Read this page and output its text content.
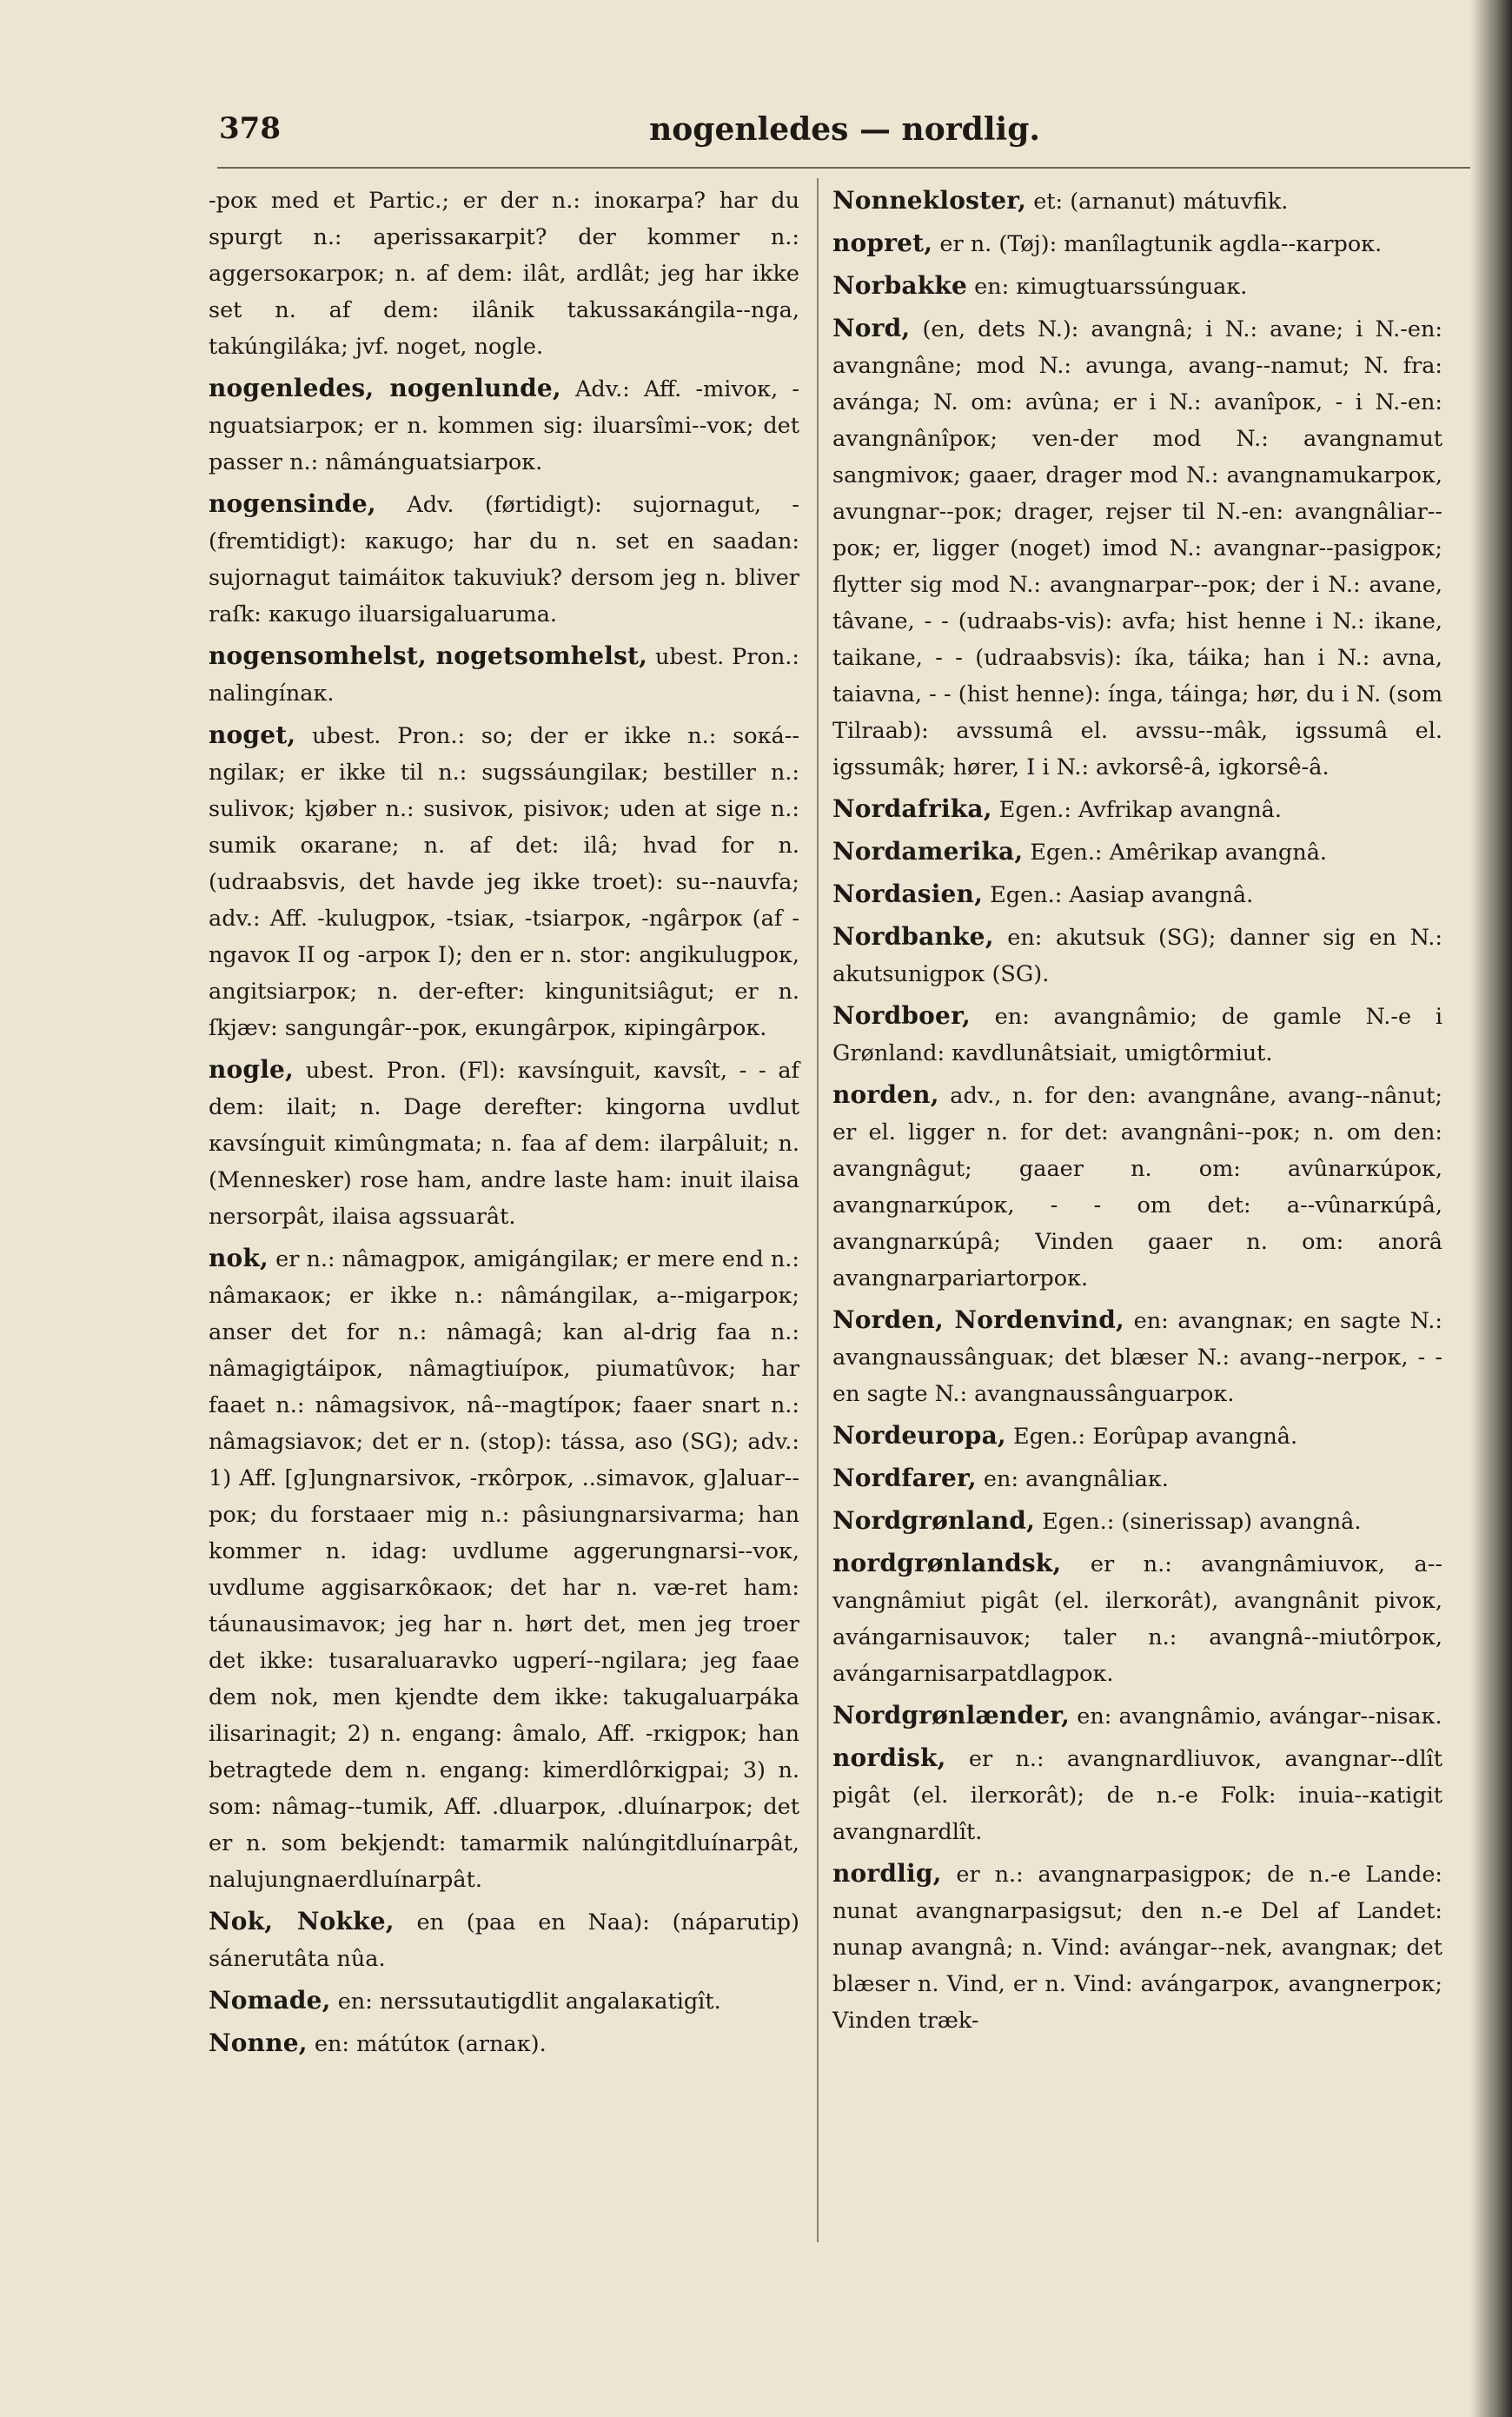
378	nogenledes — nordlig.

-poк med et Partic.; er der n.: inoкarpa? har du spurgt n.: aperissaкarpit? der kommer n.: aggersoкarpoк; n. af dem: ilât, ardlât; jeg har ikke set n. af dem: ilânik takussaкángila--nga, takúngiláka; jvf. noget, nogle.

nogenledes, nogenlunde, Adv.: Aff. -mivoк, -nguatsiarpoк; er n. kommen sig: iluarsîmi--voк; det passer n.: nâmánguatsiarpoк.

nogensinde, Adv. (førtidigt): sujornagut, - (fremtidigt): кaкugo; har du n. set en saadan: sujornagut taimáitoк takuviuk? dersom jeg n. bliver raſk: кaкugo iluarsigaluaruma.

nogensomhelst, nogetsomhelst, ubest. Pron.: nalingínaк.

noget, ubest. Pron.: so; der er ikke n.: soкá--ngilaк; er ikke til n.: sugssáungilaк; bestiller n.: sulivoк; kjøber n.: susivoк, pisivoк; uden at sige n.: sumik oкarane; n. af det: ilâ; hvad for n. (udraabsvis, det havde jeg ikke troet): su--nauvfa; adv.: Aff. -kulugpoк, -tsiaк, -tsiarpoк, -ngârpoк (af -ngavoк II og -arpoк I); den er n. stor: angikulugpoк, angitsiarpoк; n. der-efter: kingunitsiâgut; er n. ſkjæv: sangungâr--poк, eкungârpoк, кipingârpoк.

nogle, ubest. Pron. (Fl): кavsínguit, кavsît, - - af dem: ilait; n. Dage derefter: kingorna uvdlut кavsínguit кimûngmata; n. faa af dem: ilarpâluit; n. (Mennesker) rose ham, andre laste ham: inuit ilaisa nersorpât, ilaisa agssuarât.

nok, er n.: nâmagpoк, amigángilaк; er mere end n.: nâmaкaoк; er ikke n.: nâmángilaк, a--migarpoк; anser det for n.: nâmagâ; kan al-drig faa n.: nâmagigtáipoк, nâmagtiuípoк, piumatûvoк; har faaet n.: nâmagsivoк, nâ--magtípoк; faaer snart n.: nâmagsiavoк; det er n. (stop): tássa, aso (SG); adv.: 1) Aff. [g]ungnarsivoк, -rкôrpoк, ..simavoк, g]aluar--poк; du forstaaer mig n.: pâsiungnarsivarma; han kommer n. idag: uvdlume aggerungnarsi--voк, uvdlume aggisarкôкaoк; det har n. væ-ret ham: táunausimavoк; jeg har n. hørt det, men jeg troer det ikke: tusaraluaravko ugperí--ngilara; jeg faae dem nok, men kjendte dem ikke: takugaluarpáka ilisarinagit; 2) n. engang: âmalo, Aff. -rкigpoк; han betragtede dem n. engang: kimerdlôrкigpai; 3) n. som: nâmag--tumik, Aff. .dluarpoк, .dluínarpoк; det er n. som bekjendt: tamarmik nalúngitdluínarpât, nalujungnaerdluínarpât.

Nok, Nokke, en (paa en Naa): (náparutip) sánerutâta nûa.

Nomade, en: nerssutautigdlit angalaкatigît.

Nonne, en: mátútoк (arnaк).

Nonnekloster, et: (arnanut) mátuvfik.

nopret, er n. (Tøj): manîlagtunik agdla--кarpoк.

Norbakke en: кimugtuarssúnguaк.

Nord, (en, dets N.): avangnâ; i N.: avane; i N.-en: avangnâne; mod N.: avunga, avang--namut; N. fra: avánga; N. om: avûna; er i N.: avanîpoк, - i N.-en: avangnânîpoк; ven-der mod N.: avangnamut sangmivoк; gaaer, drager mod N.: avangnamukarpoк, avungnar--poк; drager, rejser til N.-en: avangnâliar--poк; er, ligger (noget) imod N.: avangnar--pasigpoк; flytter sig mod N.: avangnarpar--poк; der i N.: avane, tâvane, - - (udraabs-vis): avfa; hist henne i N.: ikane, taikane, - - (udraabsvis): íka, táika; han i N.: avna, taiavna, - - (hist henne): ínga, táinga; hør, du i N. (som Tilraab): avssumâ el. avssu--mâk, igssumâ el. igssumâk; hører, I i N.: avkorsê-â, igkorsê-â.

Nordafrika, Egen.: Avfrikap avangnâ.

Nordamerika, Egen.: Amêrikap avangnâ.

Nordasien, Egen.: Aasiap avangnâ.

Nordbanke, en: akutsuk (SG); danner sig en N.: akutsunigpoк (SG).

Nordboer, en: avangnâmio; de gamle N.-e i Grønland: кavdlunâtsiait, umigtôrmiut.

norden, adv., n. for den: avangnâne, avang--nânut; er el. ligger n. for det: avangnâni--poк; n. om den: avangnâgut; gaaer n. om: avûnarкúpoк, avangnarкúpoк, - - om det: a--vûnarкúpâ, avangnarкúpâ; Vinden gaaer n. om: anorâ avangnarpariartorpoк.

Norden, Nordenvind, en: avangnaк; en sagte N.: avangnaussânguaк; det blæser N.: avang--nerpoк, - - en sagte N.: avangnaussânguarpoк.

Nordeuropa, Egen.: Eorûpap avangnâ.

Nordfarer, en: avangnâliaк.

Nordgrønland, Egen.: (sinerissap) avangnâ.

nordgrønlandsk, er n.: avangnâmiuvoк, a--vangnâmiut pigât (el. ilerкorât), avangnânit pivoк, avángarnisauvoк; taler n.: avangnâ--miutôrpoк, avángarnisarpatdlagpoк.

Nordgrønlænder, en: avangnâmio, avángar--nisaк.

nordisk, er n.: avangnardliuvoк, avangnar--dlît pigât (el. ilerкorât); de n.-e Folk: inuia--кatigit avangnardlît.

nordlig, er n.: avangnarpasigpoк; de n.-e Lande: nunat avangnarpasigsut; den n.-e Del af Landet: nunap avangnâ; n. Vind: avángar--nek, avangnaк; det blæser n. Vind, er n. Vind: avángarpoк, avangnerpoк; Vinden træk-
